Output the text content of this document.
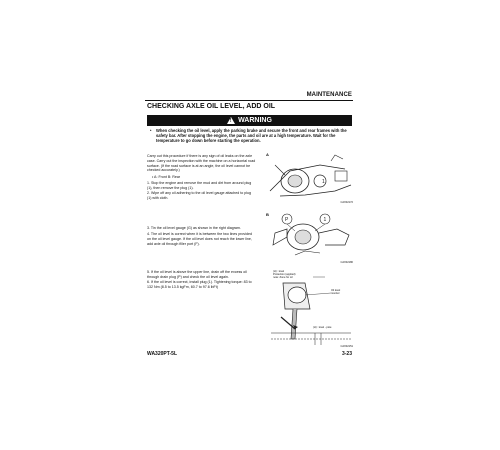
MAINTENANCE
CHECKING AXLE OIL LEVEL, ADD OIL
!
WARNING
•	When checking the oil level, apply the parking brake and secure the front and rear frames with the safety bar. After stopping the engine, the parts and oil are at a high temperature. Wait for the temperature to go down before starting the operation.
Carry out this procedure if there is any sign of oil leaks on the axle case. Carry out the inspection with the machine on a horizontal road surface. (If the road surface is at an angle, the oil level cannot be checked accurately.)
• A: Front B: Rear
1. Stop the engine and remove the mud and dirt from around plug (1), then remove the plug (1).
2. Wipe off any oil adhering to the oil level gauge attached to plug (1) with cloth.
3. Tin the oil level gauge (G) as shown in the right diagram.
4. The oil level is correct when it is between the two lines provided on the oil level gauge. If the oil level does not reach the lower line, add axle oil through filler port (F).
5. If the oil level is above the upper line, drain off the excess oil through drain plug (P) and check the oil level again.
6. If the oil level is correct, install plug (1). Tightening torque: 83 to 132 Nm (8.5 to 13.5 kgFm, 60.7 to 97.6 lbFt)
A
1
CAX02172
B
P	1
CAX02180
(H) : level
Protection (applied)
note: Zone for oil
Oil level
monitor
(H) : level - ptoe
CAX02151
WA320PT-5L	3-23
